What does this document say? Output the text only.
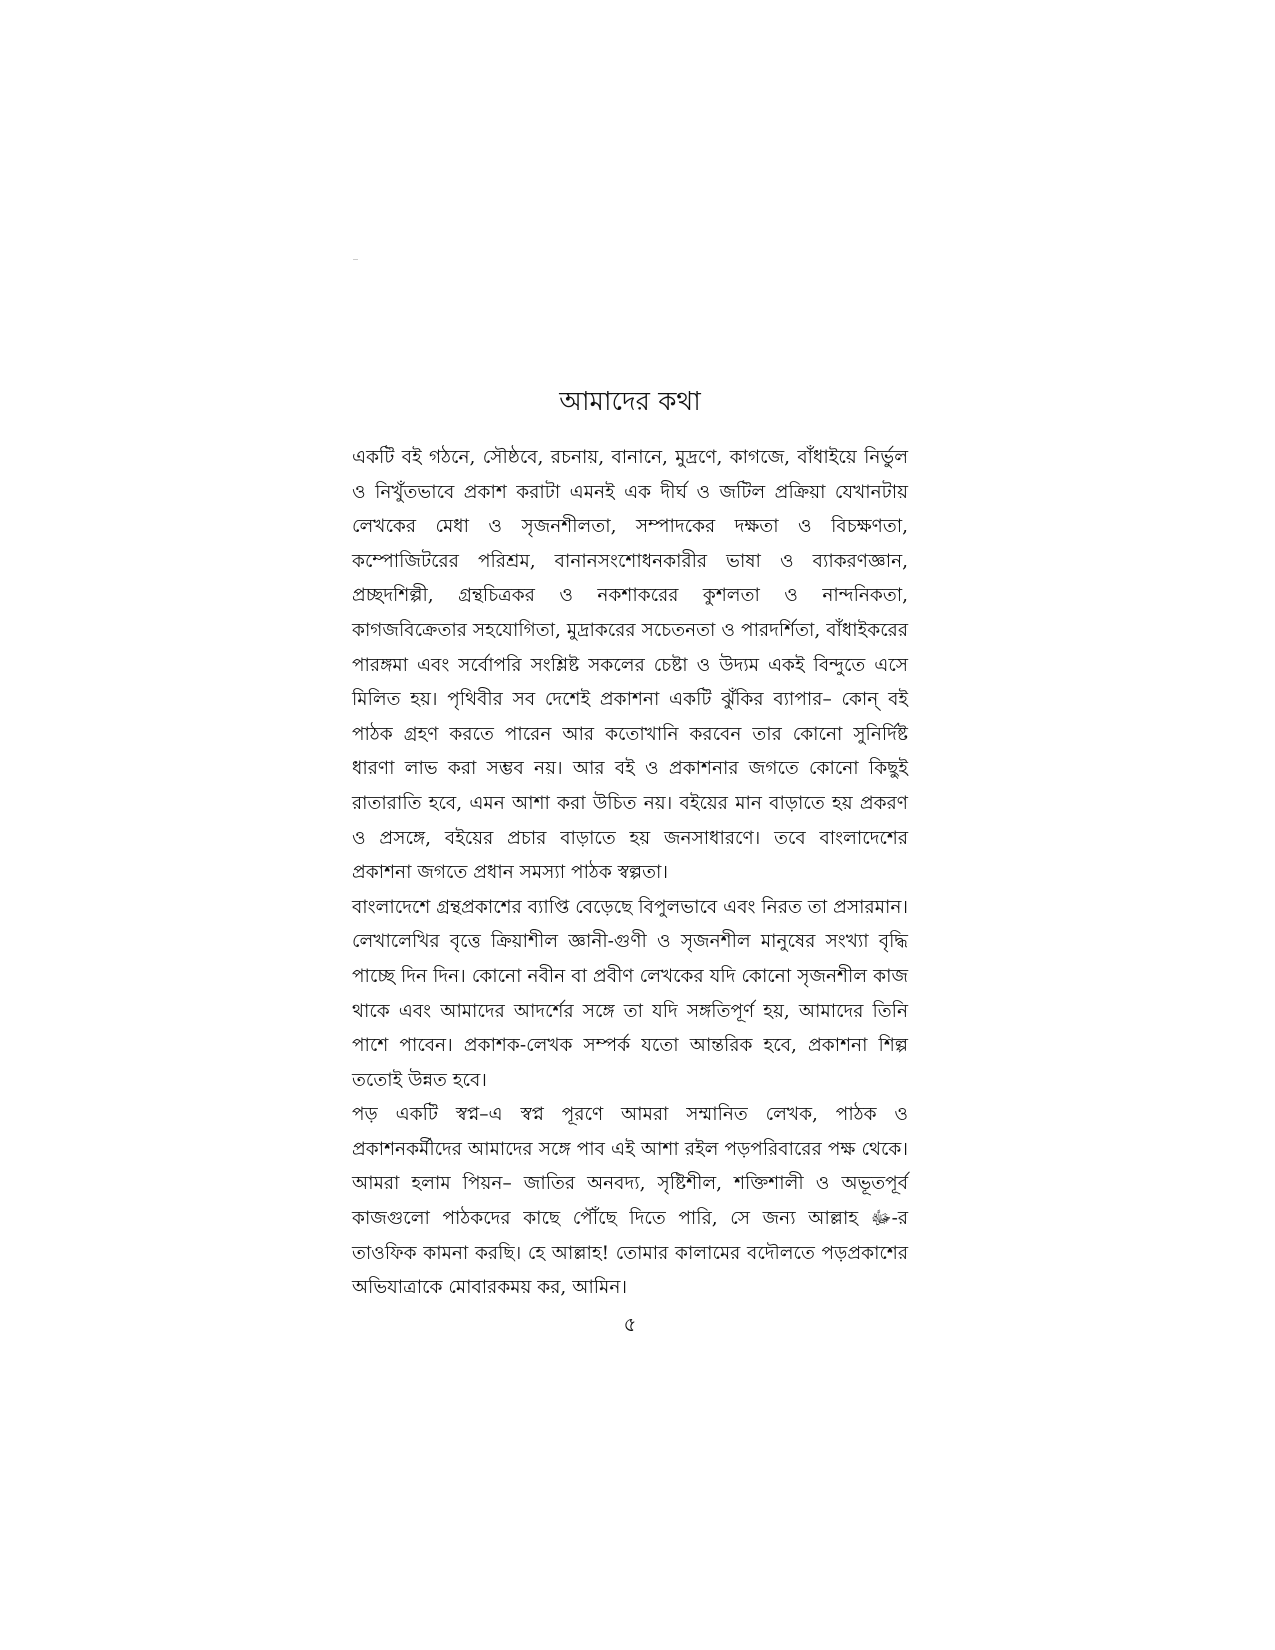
আমাদের কথা

একটি বই গঠনে, সৌষ্ঠবে, রচনায়, বানানে, মুদ্রণে, কাগজে, বাঁধাইয়ে নির্ভুল ও নিখুঁতভাবে প্রকাশ করাটা এমনই এক দীর্ঘ ও জটিল প্রক্রিয়া যেখানটায় লেখকের মেধা ও সৃজনশীলতা, সম্পাদকের দক্ষতা ও বিচক্ষণতা, কম্পোজিটরের পরিশ্রম, বানানসংশোধনকারীর ভাষা ও ব্যাকরণজ্ঞান, প্রচ্ছদশিল্পী, গ্রন্থচিত্রকর ও নকশাকরের কুশলতা ও নান্দনিকতা, কাগজবিক্রেতার সহযোগিতা, মুদ্রাকরের সচেতনতা ও পারদর্শিতা, বাঁধাইকরের পারঙ্গমা এবং সর্বোপরি সংশ্লিষ্ট সকলের চেষ্টা ও উদ্যম একই বিন্দুতে এসে মিলিত হয়। পৃথিবীর সব দেশেই প্রকাশনা একটি ঝুঁকির ব্যাপার– কোন্ বই পাঠক গ্রহণ করতে পারেন আর কতোখানি করবেন তার কোনো সুনির্দিষ্ট ধারণা লাভ করা সম্ভব নয়। আর বই ও প্রকাশনার জগতে কোনো কিছুই রাতারাতি হবে, এমন আশা করা উচিত নয়। বইয়ের মান বাড়াতে হয় প্রকরণ ও প্রসঙ্গে, বইয়ের প্রচার বাড়াতে হয় জনসাধারণে। তবে বাংলাদেশের প্রকাশনা জগতে প্রধান সমস্যা পাঠক স্বল্পতা।

বাংলাদেশে গ্রন্থপ্রকাশের ব্যাপ্তি বেড়েছে বিপুলভাবে এবং নিরত তা প্রসারমান। লেখালেখির বৃত্তে ক্রিয়াশীল জ্ঞানী-গুণী ও সৃজনশীল মানুষের সংখ্যা বৃদ্ধি পাচ্ছে দিন দিন। কোনো নবীন বা প্রবীণ লেখকের যদি কোনো সৃজনশীল কাজ থাকে এবং আমাদের আদর্শের সঙ্গে তা যদি সঙ্গতিপূর্ণ হয়, আমাদের তিনি পাশে পাবেন। প্রকাশক-লেখক সম্পর্ক যতো আন্তরিক হবে, প্রকাশনা শিল্প ততোই উন্নত হবে।

পড় একটি স্বপ্ন–এ স্বপ্ন পূরণে আমরা সম্মানিত লেখক, পাঠক ও প্রকাশনকর্মীদের আমাদের সঙ্গে পাব এই আশা রইল পড়পরিবারের পক্ষ থেকে। আমরা হলাম পিয়ন– জাতির অনবদ্য, সৃষ্টিশীল, শক্তিশালী ও অভূতপূর্ব কাজগুলো পাঠকদের কাছে পৌঁছে দিতে পারি, সে জন্য আল্লাহ ﷻ-র তাওফিক কামনা করছি। হে আল্লাহ! তোমার কালামের বদৌলতে পড়প্রকাশের অভিযাত্রাকে মোবারকময় কর, আমিন।

৫
